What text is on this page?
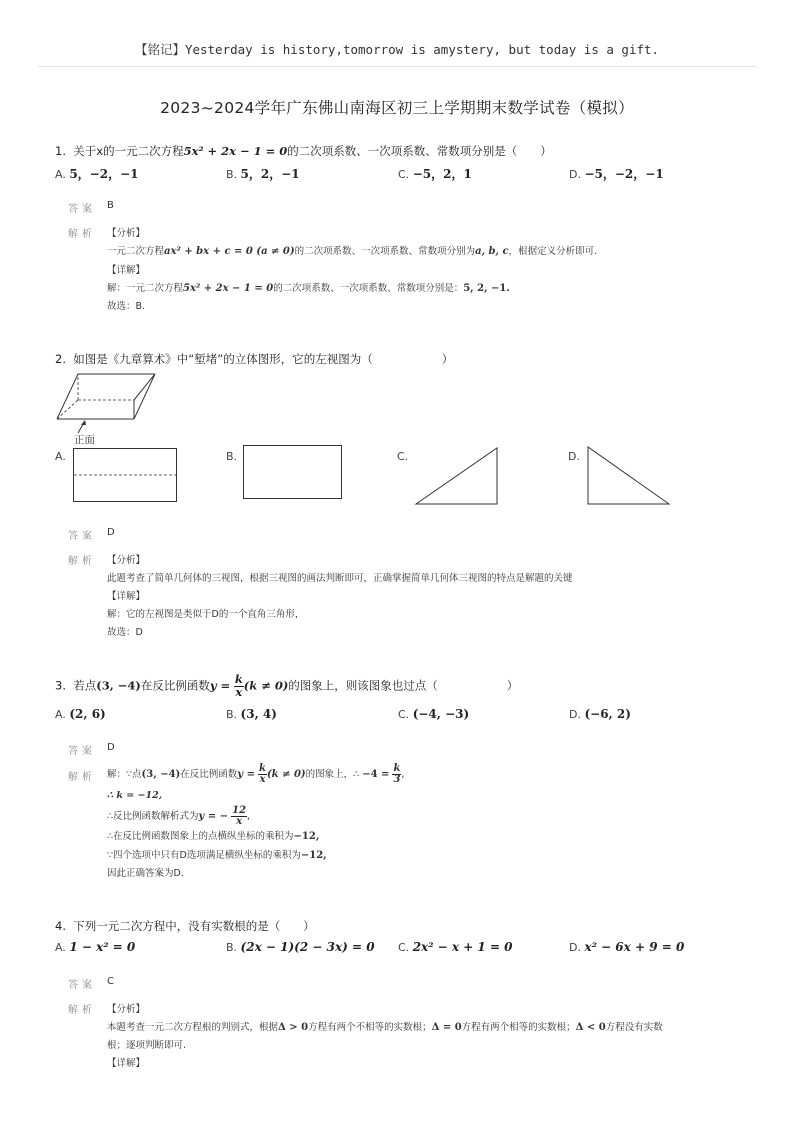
【铭记】Yesterday is history,tomorrow is amystery, but today is a gift.
2023~2024学年广东佛山南海区初三上学期期末数学试卷（模拟）
1. 关于x的一元二次方程5x² + 2x − 1 = 0的二次项系数、一次项系数、常数项分别是（　　）
A. 5，−2，−1	B. 5，2，−1	C. −5，2，1	D. −5，−2，−1
答案 B
解析 【分析】
一元二次方程ax² + bx + c = 0 (a ≠ 0)的二次项系数、一次项系数、常数项分别为a, b, c，根据定义分析即可.
【详解】
解：一元二次方程5x² + 2x − 1 = 0的二次项系数、一次项系数、常数项分别是：5, 2, −1.
故选：B.
2. 如图是《九章算术》中“堑堵”的立体图形，它的左视图为（　　　　　　）
正面
A.	B.	C.	D.
答案 D
解析 【分析】
此题考查了简单几何体的三视图，根据三视图的画法判断即可，正确掌握简单几何体三视图的特点是解题的关键
【详解】
解：它的左视图是类似于D的一个直角三角形，
故选：D
3. 若点(3, −4)在反比例函数$y = \frac{k}{x} (k \ne 0)$的图象上，则该图象也过点（　　　　　　）
A. (2, 6)	B. (3, 4)	C. (−4, −3)	D. (−6, 2)
答案 D
解析 解：∵点(3, −4)在反比例函数$y = \frac{k}{x} (k \ne 0)$的图象上，∴ $-4 = \frac{k}{3}$ ,
∴ k = −12,
∴反比例函数解析式为y = − $\frac{12}{x}$ ,
∴在反比例函数图象上的点横纵坐标的乘积为−12,
∵四个选项中只有D选项满足横纵坐标的乘积为−12,
因此正确答案为D.
4. 下列一元二次方程中，没有实数根的是（　　）
A. 1 − x² = 0	B. (2x − 1)(2 − 3x) = 0 C. 2x² − x + 1 = 0	D. x² − 6x + 9 = 0
答案 C
解析 【分析】
本题考查一元二次方程根的判别式，根据Δ > 0方程有两个不相等的实数根；Δ = 0方程有两个相等的实数根；Δ < 0方程没有实数
根；逐项判断即可.
【详解】
